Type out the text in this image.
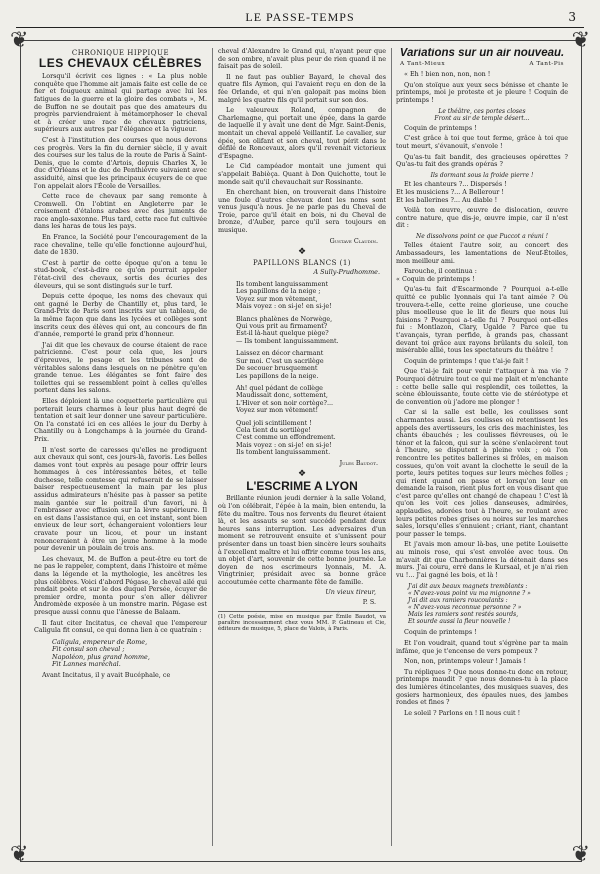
LE PASSE-TEMPS	3
❦	❦
❦	❦
CHRONIQUE HIPPIQUE
LES CHEVAUX CÉLÈBRES

Lorsqu'il écrivit ces lignes : « La plus noble conquête que l'homme ait jamais faite est celle de ce fier et fougueux animal qui partage avec lui les fatigues de la guerre et la gloire des combats », M. de Buffon ne se doutait pas que des amateurs du progrès parviendraient à métamorphoser le cheval et à créer une race de chevaux patriciens, supérieurs aux autres par l'élégance et la vigueur.

C'est à l'institution des courses que nous devons ces progrès. Vers la fin du dernier siècle, il y avait des courses sur les talus de la route de Paris à Saint-Denis, que le comte d'Artois, depuis Charles X, le duc d'Orléans et le duc de Penthièvre suivaient avec assiduité, ainsi que les principaux écuyers de ce que l'on appelait alors l'École de Versailles.

Cette race de chevaux par sang remonte à Cromwell. On l'obtint en Angleterre par le croisement d'étalons arabes avec des juments de race anglo-saxonne. Plus tard, cette race fut cultivée dans les haras de tous les pays.

En France, la Société pour l'encouragement de la race chevaline, telle qu'elle fonctionne aujourd'hui, date de 1830.

C'est à partir de cette époque qu'on a tenu le stud-book, c'est-à-dire ce qu'on pourrait appeler l'état-civil des chevaux, sortis des écuries des éleveurs, qui se sont distingués sur le turf.

Depuis cette époque, les noms des chevaux qui ont gagné le Derby de Chantilly et, plus tard, le Grand-Prix de Paris sont inscrits sur un tableau, de la même façon que dans les lycées et collèges sont inscrits ceux des élèves qui ont, au concours de fin d'année, remporté le grand prix d'honneur.

J'ai dit que les chevaux de course étaient de race patricienne. C'est pour cela que, les jours d'épreuves, le pesage et les tribunes sont de véritables salons dans lesquels on ne pénètre qu'en grande tenue. Les élégantes se font faire des toilettes qui se ressemblent point à celles qu'elles portent dans les salons.

Elles déploient là une coquetterie particulière qui porterait leurs charmes à leur plus haut degré de tentation et sait leur donner une saveur particulière. On l'a constaté ici en ces allées le jour du Derby à Chantilly ou à Longchamps à la journée du Grand-Prix.

Il n'est sorte de caresses qu'elles ne prodiguent aux chevaux qui sont, ces jours-là, favoris. Les belles dames vont tout exprès au pesage pour offrir leurs hommages à ces intéressantes bêtes, et telle duchesse, telle comtesse qui refuserait de se laisser baiser respectueusement la main par les plus assidus admirateurs n'hésite pas à passer sa petite main gantée sur le poitrail d'un favori, ni à l'embrasser avec effusion sur la lèvre supérieure. Il en est dans l'assistance qui, en cet instant, sont bien envieux de leur sort, échangeraient volontiers leur cravate pour un licou, et pour un instant renonceraient à être un jeune homme à la mode pour devenir un poulain de trois ans.

Les chevaux, M. de Buffon a peut-être eu tort de ne pas le rappeler, comptent, dans l'histoire et même dans la légende et la mythologie, les ancêtres les plus célèbres. Voici d'abord Pégase, le cheval ailé qui rendait poète et sur le dos duquel Persée, écuyer de premier ordre, monta pour s'en aller délivrer Andromède exposée à un monstre marin. Pégase est presque aussi connu que l'ânesse de Balaam.

Il faut citer Incitatus, ce cheval que l'empereur Caligula fit consul, ce qui donna lien à ce quatrain :

Caligula, empereur de Rome,
Fit consul son cheval ;
Napoléon, plus grand homme,
Fit Lannes maréchal.

Avant Incitatus, il y avait Bucéphale, ce

cheval d'Alexandre le Grand qui, n'ayant peur que de son ombre, n'avait plus peur de rien quand il ne faisait pas de soleil.

Il ne faut pas oublier Bayard, le cheval des quatre fils Aymon, qui l'avaient reçu en don de la fée Orlande, et qui n'en galopait pas moins bien malgré les quatre fils qu'il portait sur son dos.

Le valeureux Roland, compagnon de Charlemagne, qui portait une épée, dans la garde de laquelle il y avait une dent de Mgr. Saint-Denis, montait un cheval appelé Veillantif. Le cavalier, sur épée, son olifant et son cheval, tout périt dans le défilé de Roncevaux, alors qu'il revenait victorieux d'Espagne.

Le Cid campéador montait une jument qui s'appelait Babièça. Quant à Don Quichotte, tout le monde sait qu'il chevauchait sur Rossinante.

En cherchant bien, on trouverait dans l'histoire une foule d'autres chevaux dont les noms sont venus jusqu'à nous. Je ne parle pas du Cheval de Troie, parce qu'il était en bois, ni du Cheval de bronze, d'Auber, parce qu'il sera toujours en musique.

Gustave Claudin.
❖
PAPILLONS BLANCS (1)
A Sully-Prudhomme.
Ils tombent languissamment
Les papillons de la neige ;
Voyez sur mon vêtement,
Mais voyez : on si-je! en si-je!
Blancs phalènes de Norwège,
Qui vous prit au firmament?
Est-il là-haut quelque piège?
— Ils tombent languissamment.
Laissez en décor charmant
Sur moi. C'est un sacrilège
De secouer brusquement
Les papillons de la neige.
Ah! quel pédant de collège
Maudissait donc, sottement,
L'Hiver et son noir cortège?...
Voyez sur mon vêtement!
Quel joli scintillement !
Cela tient du sortilège!
C'est comme un effondrement.
Mais voyez : on si-je! en si-je!
Ils tombent languissamment.
Jules Baudot.
❖
L'ESCRIME A LYON

Brillante réunion jeudi dernier à la salle Voland, où l'on célébrait, l'épée à la main, bien entendu, la fête du maître. Tous nos fervents du fleuret étaient là, et les assauts se sont succédé pendant deux heures sans interruption. Les adversaires d'un moment se retrouvent ensuite et s'unissent pour présenter dans un toast bien sincère leurs souhaits à l'excellent maître et lui offrir comme tous les ans, un objet d'art, souvenir de cette bonne journée. Le doyen de nos escrimeurs lyonnais, M. A. Vingtrinier, présidait avec sa bonne grâce accoutumée cette charmante fête de famille.

Un vieux tireur,
P. S.
(1) Cette poésie, mise en musique par Émile Baudot, va paraître incessamment chez vous MM. P. Gatineau et Cie, éditeurs de musique, 5, place de Valois, à Paris.
Variations sur un air nouveau.
A Tant-Mieux	A Tant-Pis

« Eh ! bien non, non, non !

Qu'on stoïque aux yeux secs bénisse et chante le printemps, moi je proteste et je pleure ! Coquin de printemps !

Le théâtre, ces portes closes
Front au sir de temple désert...

Coquin de printemps !

C'est grâce à toi que tout ferme, grâce à toi que tout meurt, s'évanouit, s'envole !

Qu'as-tu fait bandit, des gracieuses opérettes ? Qu'as-tu fait des grands opéras ?

Ils dormant sous la froide pierre !

Et les chanteurs ?... Dispersés !
Et les musiciens ?... A Bellerour !
Et les ballerines ?... Au diable !

Voilà ton œuvre, œuvre de dislocation, œuvre contre nature, que dis-je, œuvre impie, car il n'est dit :

Ne dissolvons point ce que Puccot a réuni !

Telles étaient l'autre soir, au concert des Ambassadeurs, les lamentations de Neuf-Étoiles, mon meilleur ami.

Farouche, il continua :
« Coquin de printemps !

Qu'as-tu fait d'Escarmonde ? Pourquoi a-t-elle quitté ce public lyonnais qui l'a tant aimée ? Où trouvera-t-elle, cette reine glorieuse, une couche plus moelleuse que le lit de fleurs que nous lui faisions ? Pourquoi a-t-elle fui ? Pourquoi ont-elles fui : Montlazon, Clary, Ugalde ? Parce que tu t'avançais, tyran perfide, à grands pas, chassant devant toi grâce aux rayons brûlants du soleil, ton misérable allié, tous les spectateurs du théâtre !

Coquin de printemps ! que t'ai-je fait !

Que t'ai-je fait pour venir t'attaquer à ma vie ? Pourquoi détruire tout ce qui me plait et m'enchante : cette belle salle qui resplendit, ces toilettes, la scène éblouissante, toute cette vie de stéréotype et de convention où j'adore me plonger !

Car si la salle est belle, les coulisses sont charmantes aussi. Les coulisses où retentissent les appels des avertisseurs, les cris des machinistes, les chants ébauchés ; les coulisses fiévreuses, où le ténor et la falcon, qui sur la scène s'enlacèrent tout à l'heure, se disputent à pleine voix ; où l'on rencontre les petites ballerines si frôles, en maison cossues, qu'on voit avant la clochette le seuil de la porte, leurs petites toques sur leurs mèches folles ; qui rient quand on passe et lorsqu'on leur en demande la raison, rient plus fort en vous disant que c'est parce qu'elles ont changé de chapeau ! C'est là qu'on les voit ces jolies danseuses, admirées, applaudies, adorées tout à l'heure, se roulant avec leurs petites robes grises ou noires sur les marches sales, lorsqu'elles s'ennuient ; criant, riant, chantant pour passer le temps.

Et j'avais mon amour là-bas, une petite Louisette au minois rose, qui s'est envolée avec tous. On m'avait dit que Charbonnières la détenait dans ses murs. J'ai couru, erré dans le Kursaal, et je n'ai rien vu !... J'ai gagné les bois, et là !

J'ai dit aux beaux magnets tremblants :
« N'avez-vous point vu ma mignonne ? »
J'ai dit aux ramiers roucoulants :
« N'avez-vous reconnue personne ? »
Mais les ramiers sont restés sourds,
Et sourde aussi la fleur nouvelle !

Coquin de printemps !

Et l'on voudrait, quand tout s'égrène par ta main infâme, que je t'encense de vers pompeux ?

Non, non, printemps voleur ! Jamais !

Tu répliques ? Que nous donne-tu donc en retour, printemps maudit ? que nous donnes-tu à la place des lumières étincelantes, des musiques suaves, des gosiers harmonieux, des épaules nues, des jambes rondes et fines ?

Le soleil ? Parlons en ! Il nous cuit !
